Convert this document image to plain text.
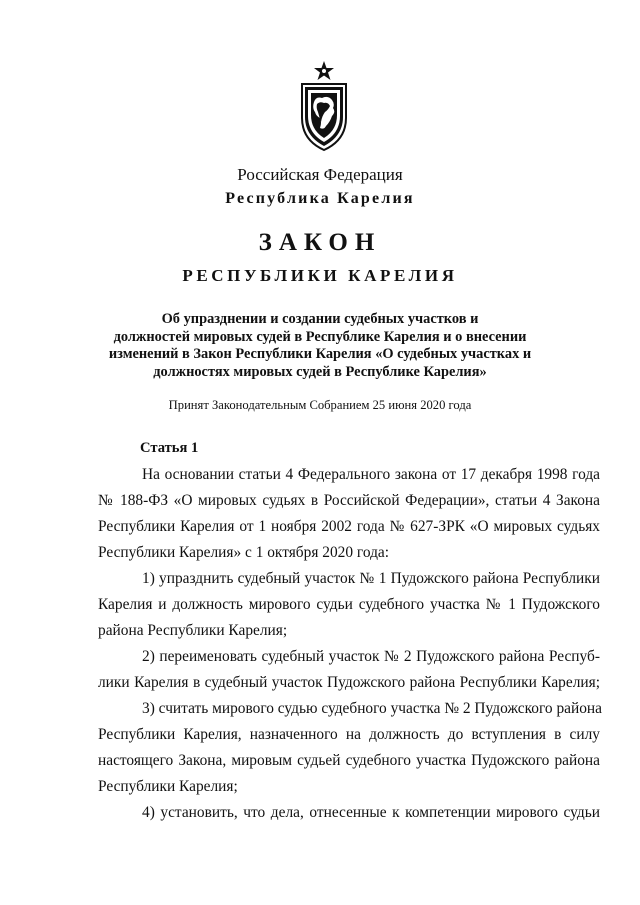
Российская Федерация
Республика Карелия
ЗАКОН
РЕСПУБЛИКИ КАРЕЛИЯ
Об упразднении и создании судебных участков и
должностей мировых судей в Республике Карелия и о внесении
изменений в Закон Республики Карелия «О судебных участках и
должностях мировых судей в Республике Карелия»
Принят Законодательным Собранием 25 июня 2020 года
Статья 1

На основании статьи 4 Федерального закона от 17 декабря 1998 года
№ 188-ФЗ «О мировых судьях в Российской Федерации», статьи 4 Закона
Республики Карелия от 1 ноября 2002 года № 627-ЗРК «О мировых судьях
Республики Карелия» с 1 октября 2020 года:

1) упразднить судебный участок № 1 Пудожского района Республики
Карелия и должность мирового судьи судебного участка № 1 Пудожского
района Республики Карелия;

2) переименовать судебный участок № 2 Пудожского района Респуб-
лики Карелия в судебный участок Пудожского района Республики Карелия;

3) считать мирового судью судебного участка № 2 Пудожского района
Республики Карелия, назначенного на должность до вступления в силу
настоящего Закона, мировым судьей судебного участка Пудожского района
Республики Карелия;

4) установить, что дела, отнесенные к компетенции мирового судьи
